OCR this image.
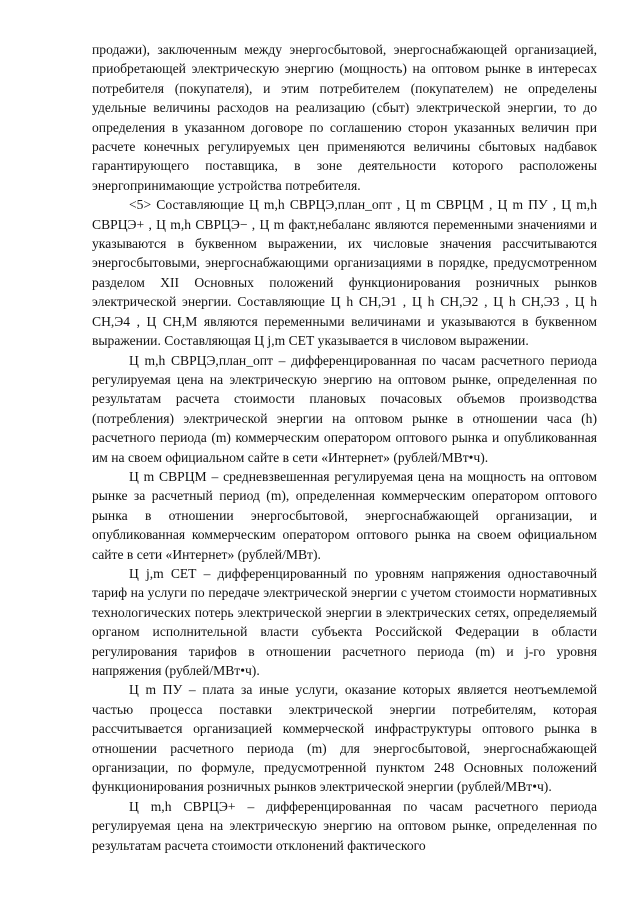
продажи), заключенным между энергосбытовой, энергоснабжающей организацией, приобретающей электрическую энергию (мощность) на оптовом рынке в интересах потребителя (покупателя), и этим потребителем (покупателем) не определены удельные величины расходов на реализацию (сбыт) электрической энергии, то до определения в указанном договоре по соглашению сторон указанных величин при расчете конечных регулируемых цен применяются величины сбытовых надбавок гарантирующего поставщика, в зоне деятельности которого расположены энергопринимающие устройства потребителя.

<5> Составляющие Ц m,h СВРЦЭ,план_опт , Ц m СВРЦМ , Ц m ПУ , Ц m,h СВРЦЭ+ , Ц m,h СВРЦЭ− , Ц m факт,небаланс являются переменными значениями и указываются в буквенном выражении, их числовые значения рассчитываются энергосбытовыми, энергоснабжающими организациями в порядке, предусмотренном разделом XII Основных положений функционирования розничных рынков электрической энергии. Составляющие Ц h СН,Э1 , Ц h СН,Э2 , Ц h СН,Э3 , Ц h СН,Э4 , Ц СН,М являются переменными величинами и указываются в буквенном выражении. Составляющая Ц j,m СЕТ указывается в числовом выражении.

Ц m,h СВРЦЭ,план_опт – дифференцированная по часам расчетного периода регулируемая цена на электрическую энергию на оптовом рынке, определенная по результатам расчета стоимости плановых почасовых объемов производства (потребления) электрической энергии на оптовом рынке в отношении часа (h) расчетного периода (m) коммерческим оператором оптового рынка и опубликованная им на своем официальном сайте в сети «Интернет» (рублей/МВт•ч).

Ц m СВРЦМ – средневзвешенная регулируемая цена на мощность на оптовом рынке за расчетный период (m), определенная коммерческим оператором оптового рынка в отношении энергосбытовой, энергоснабжающей организации, и опубликованная коммерческим оператором оптового рынка на своем официальном сайте в сети «Интернет» (рублей/МВт).

Ц j,m СЕТ – дифференцированный по уровням напряжения одноставочный тариф на услуги по передаче электрической энергии с учетом стоимости нормативных технологических потерь электрической энергии в электрических сетях, определяемый органом исполнительной власти субъекта Российской Федерации в области регулирования тарифов в отношении расчетного периода (m) и j-го уровня напряжения (рублей/МВт•ч).

Ц m ПУ – плата за иные услуги, оказание которых является неотъемлемой частью процесса поставки электрической энергии потребителям, которая рассчитывается организацией коммерческой инфраструктуры оптового рынка в отношении расчетного периода (m) для энергосбытовой, энергоснабжающей организации, по формуле, предусмотренной пунктом 248 Основных положений функционирования розничных рынков электрической энергии (рублей/МВт•ч).

Ц m,h СВРЦЭ+ – дифференцированная по часам расчетного периода регулируемая цена на электрическую энергию на оптовом рынке, определенная по результатам расчета стоимости отклонений фактического
